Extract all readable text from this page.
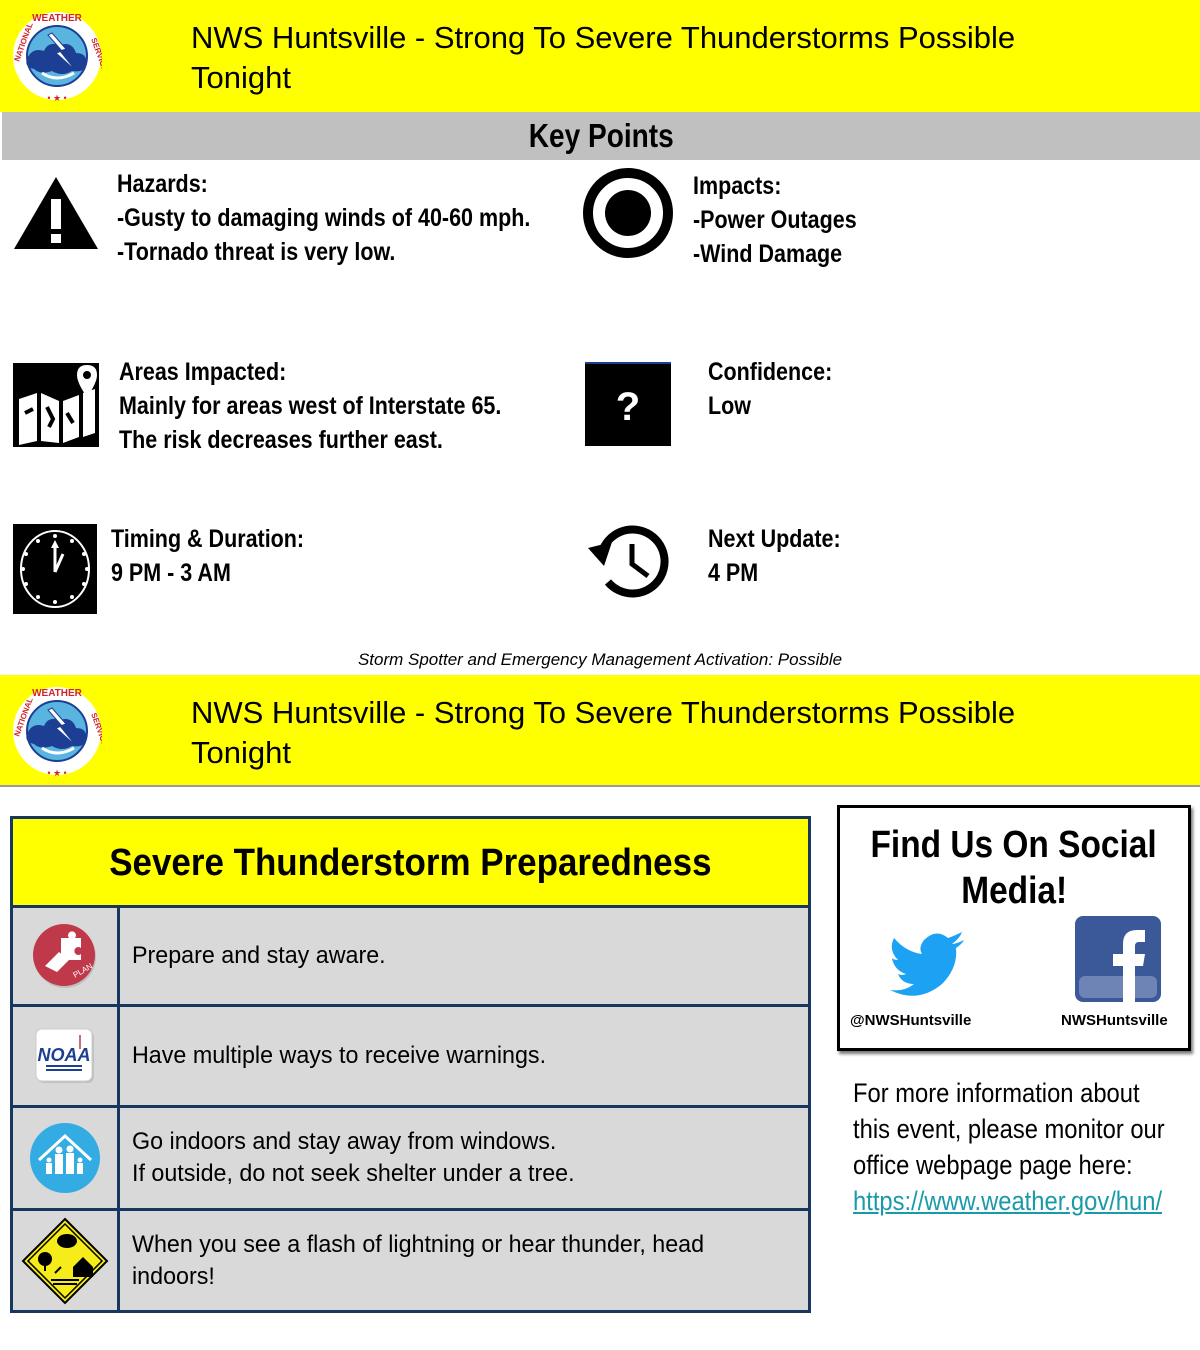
NWS Huntsville - Strong To Severe Thunderstorms Possible
Tonight
Key Points
Hazards:
-Gusty to damaging winds of 40-60 mph.
-Tornado threat is very low.
Impacts:
-Power Outages
-Wind Damage
Areas Impacted:
Mainly for areas west of Interstate 65.
The risk decreases further east.
?
Confidence:
Low
Timing & Duration:
9 PM - 3 AM
Next Update:
4 PM
Storm Spotter and Emergency Management Activation: Possible
NWS Huntsville - Strong To Severe Thunderstorms Possible
Tonight
Severe Thunderstorm Preparedness
PLAN
Prepare and stay aware.
NOAA Have multiple ways to receive warnings.
Go indoors and stay away from windows.
If outside, do not seek shelter under a tree.
When you see a flash of lightning or hear thunder, head
indoors!
Find Us On Social
Media!
@NWSHuntsville	NWSHuntsville
For more information about
this event, please monitor our
office webpage page here:
https://www.weather.gov/hun/
